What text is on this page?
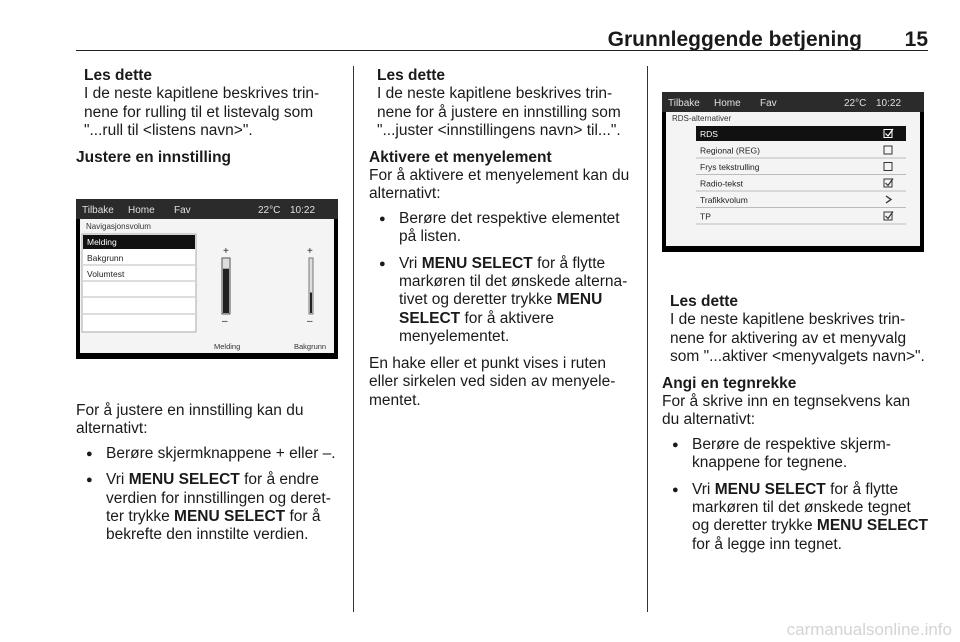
Grunnleggende betjening 15

Les dette

I de neste kapitlene beskrives trin-nene for rulling til et listevalg som "...rull til <listens navn>".

Justere en innstilling

Tilbake Home Fav	22°C 10:22
Navigasjonsvolum
Melding
Bakgrunn
Volumtest
+
–
+
–
Melding	Bakgrunn

For å justere en innstilling kan du alternativt:

● Berøre skjermknappene + eller –.
● Vri MENU SELECT for å endre verdien for innstillingen og deret-ter trykke MENU SELECT for å bekrefte den innstilte verdien.

Les dette

I de neste kapitlene beskrives trin-nene for å justere en innstilling som "...juster <innstillingens navn> til...".

Aktivere et menyelement

For å aktivere et menyelement kan du alternativt:

● Berøre det respektive elementet på listen.
● Vri MENU SELECT for å flytte markøren til det ønskede alterna-tivet og deretter trykke MENU SELECT for å aktivere menyelementet.

En hake eller et punkt vises i ruten eller sirkelen ved siden av menyele-mentet.

Tilbake Home Fav	22°C 10:22
RDS-alternativer
RDS
Regional (REG)
Frys tekstrulling
Radio-tekst
Trafikkvolum
TP

Les dette

I de neste kapitlene beskrives trin-nene for aktivering av et menyvalg som "...aktiver <menyvalgets navn>".

Angi en tegnrekke

For å skrive inn en tegnsekvens kan du alternativt:

● Berøre de respektive skjerm-knappene for tegnene.
● Vri MENU SELECT for å flytte markøren til det ønskede tegnet og deretter trykke MENU SELECT for å legge inn tegnet.
carmanualsonline.info
